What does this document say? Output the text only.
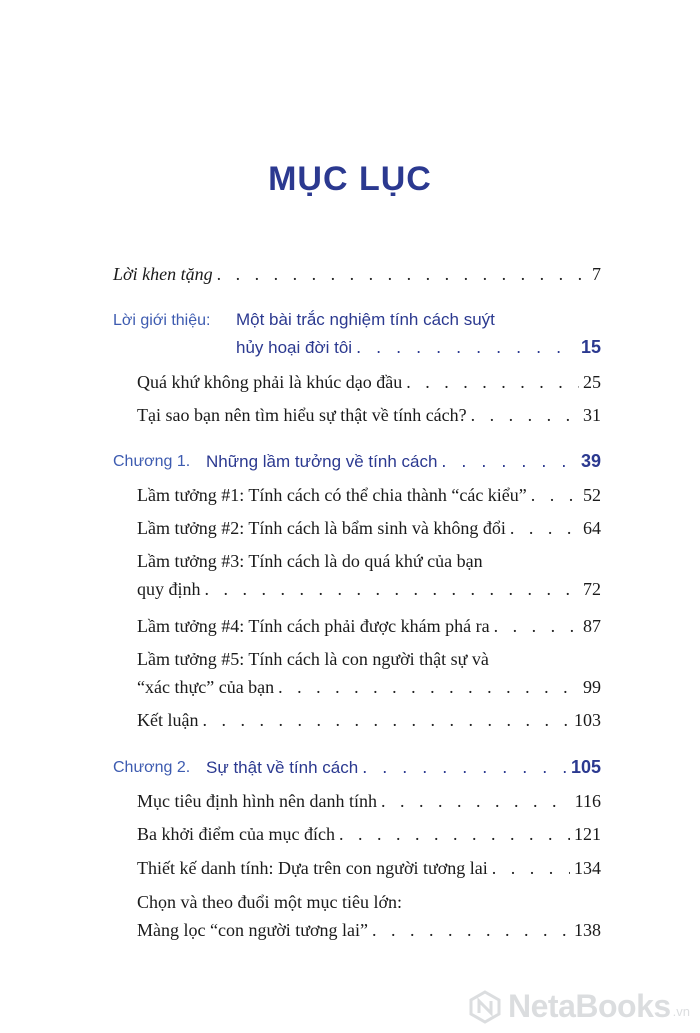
MỤC LỤC
Lời khen tặng . . .	7
Lời giới thiệu: Một bài trắc nghiệm tính cách suýt
hủy hoại đời tôi . . .	15
Quá khứ không phải là khúc dạo đầu . . .	25
Tại sao bạn nên tìm hiểu sự thật về tính cách? . . .	31
Chương 1. Những lầm tưởng về tính cách . . .	39
Lầm tưởng #1: Tính cách có thể chia thành “các kiểu” . . .	52
Lầm tưởng #2: Tính cách là bẩm sinh và không đổi . . .	64
Lầm tưởng #3: Tính cách là do quá khứ của bạn
quy định . . .	72
Lầm tưởng #4: Tính cách phải được khám phá ra . . .	87
Lầm tưởng #5: Tính cách là con người thật sự và
“xác thực” của bạn . . .	99
Kết luận . . .	103
Chương 2. Sự thật về tính cách . . .	105
Mục tiêu định hình nên danh tính . . .	116
Ba khởi điểm của mục đích . . .	121
Thiết kế danh tính: Dựa trên con người tương lai . . .	134
Chọn và theo đuổi một mục tiêu lớn:
Màng lọc “con người tương lai” . . .	138
NetaBooks .vn
